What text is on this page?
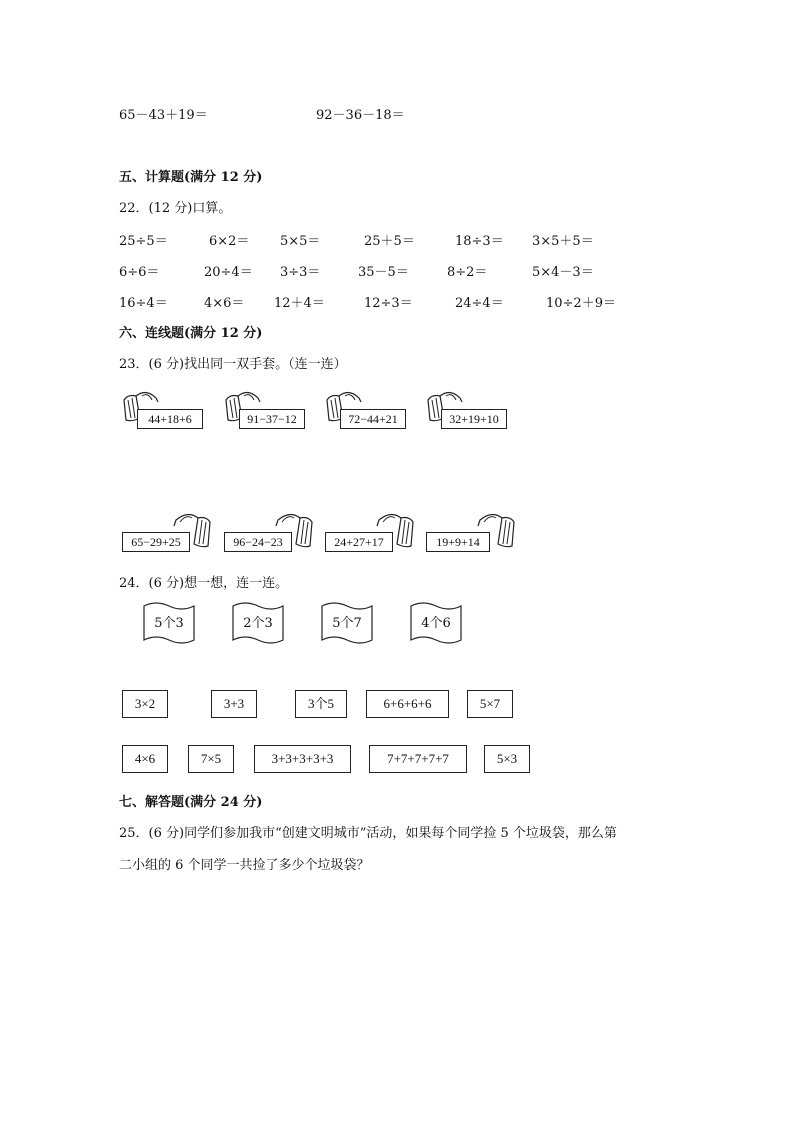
65－43＋19＝	92－36－18＝
五、计算题(满分 12 分)
22．(12 分)口算。
25÷5＝	6×2＝ 5×5＝	25＋5＝	18÷3＝ 3×5＋5＝
6÷6＝	20÷4＝ 3÷3＝	35－5＝	8÷2＝	5×4－3＝
16÷4＝	4×6＝ 12＋4＝	12÷3＝	24÷4＝	10÷2＋9＝
六、连线题(满分 12 分)
23．(6 分)找出同一双手套。（连一连）
44+18+6	91−37−12	72−44+21	32+19+10
65−29+25	96−24−23	24+27+17	19+9+14
24．(6 分)想一想，连一连。
5个3	2个3	5个7	4个6
3×2	3+3	3个5	6+6+6+6	5×7
4×6	7×5	3+3+3+3+3	7+7+7+7+7	5×3
七、解答题(满分 24 分)
25．(6 分)同学们参加我市“创建文明城市”活动，如果每个同学捡 5 个垃圾袋，那么第
二小组的 6 个同学一共捡了多少个垃圾袋？
